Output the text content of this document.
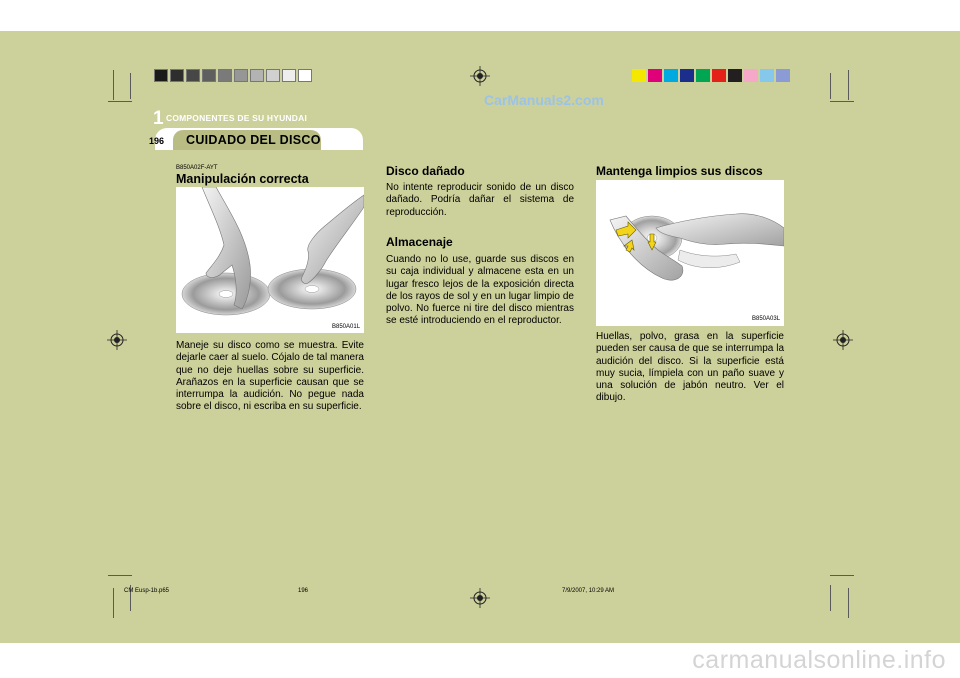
CarManuals2.com
1 COMPONENTES DE SU HYUNDAI
196 CUIDADO DEL DISCO
B850A02F-AYT
Manipulación correcta
B850A01L
Maneje su disco como se muestra. Evite dejarle caer al suelo. Cójalo de tal manera que no deje huellas sobre su superficie. Arañazos en la superficie causan que se interrumpa la audición. No pegue nada sobre el disco, ni escriba en su superficie.
Disco dañado
No intente reproducir sonido de un disco dañado. Podría dañar el sistema de reproducción.
Almacenaje
Cuando no lo use, guarde sus discos en su caja individual y almacene esta en un lugar fresco lejos de la exposición directa de los rayos de sol y en un lugar limpio de polvo. No fuerce ni tire del disco mientras se esté introduciendo en el reproductor.
Mantenga limpios sus discos
B850A03L
Huellas, polvo, grasa en la superficie pueden ser causa de que se interrumpa la audición del disco. Si la superficie está muy sucia, límpiela con un paño suave y una solución de jabón neutro. Ver el dibujo.
CM Eusp-1b.p65	196	7/9/2007, 10:29 AM
carmanualsonline.info
